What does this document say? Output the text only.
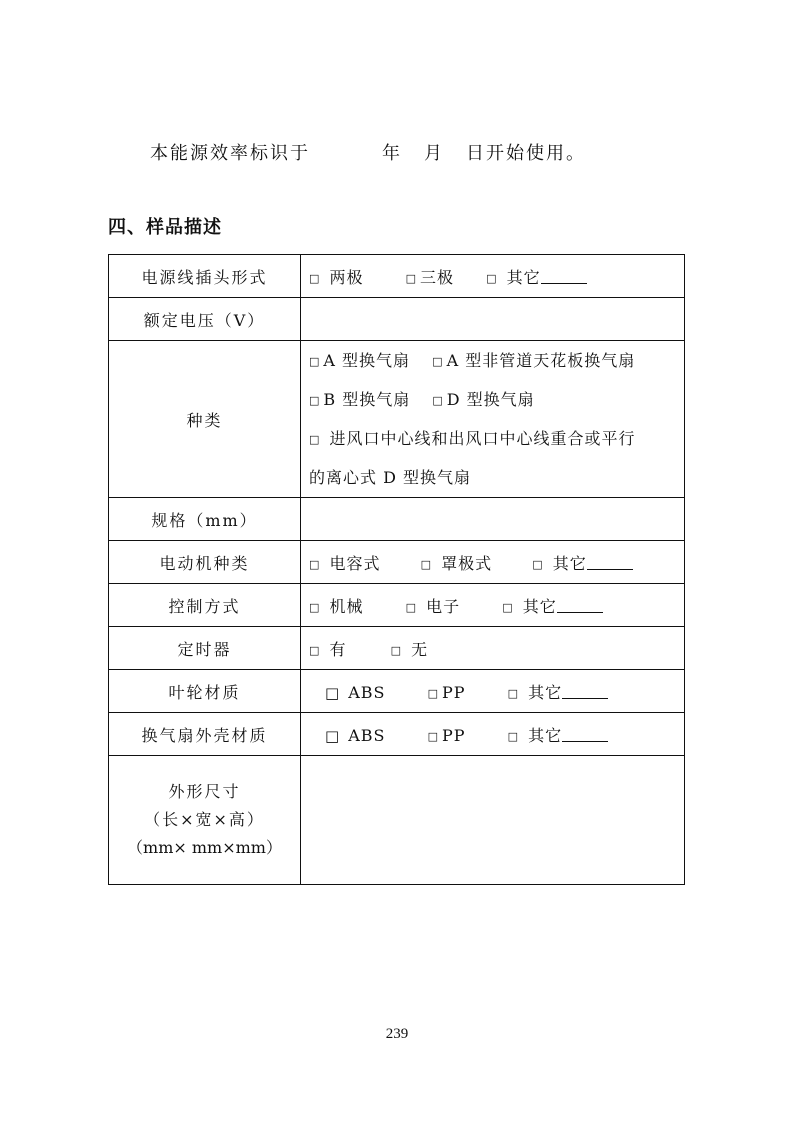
本能源效率标识于	年 月 日开始使用。
四、样品描述
电源线插头形式	□ 两极 □ 三极 □ 其它
额定电压（V）	
种类	□ A 型换气扇 □ A 型非管道天花板换气扇
□ B 型换气扇 □ D 型换气扇
□ 进风口中心线和出风口中心线重合或平行
的离心式 D 型换气扇

规格（mm）	
电动机种类	□ 电容式 □ 罩极式 □ 其它
控制方式	□ 机械 □ 电子 □ 其它
定时器	□ 有 □ 无
叶轮材质	□ ABS □ PP □ 其它
换气扇外壳材质	□ ABS □ PP □ 其它

外形尺寸
（长×宽×高）
（mm× mm×mm）	

239
